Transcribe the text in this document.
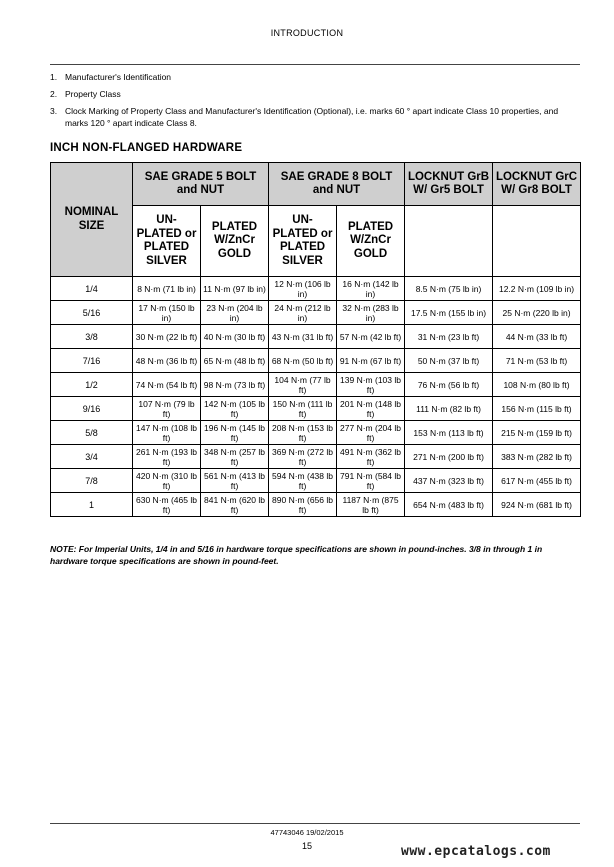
INTRODUCTION
1. Manufacturer's Identification
2. Property Class
3. Clock Marking of Property Class and Manufacturer's Identification (Optional), i.e. marks 60 ° apart indicate Class 10 properties, and marks 120 ° apart indicate Class 8.
INCH NON-FLANGED HARDWARE
NOMINAL SIZE	SAE GRADE 5 BOLT and NUT		SAE GRADE 8 BOLT and NUT		LOCKNUT GrB W/ Gr5 BOLT	LOCKNUT GrC W/ Gr8 BOLT
	UN-PLATED or PLATED SILVER	PLATED W/ZnCr GOLD	UN-PLATED or PLATED SILVER	PLATED W/ZnCr GOLD		
1/4	8 N·m (71 lb in)	11 N·m (97 lb in)	12 N·m (106 lb in)	16 N·m (142 lb in)	8.5 N·m (75 lb in)	12.2 N·m (109 lb in)
5/16	17 N·m (150 lb in)	23 N·m (204 lb in)	24 N·m (212 lb in)	32 N·m (283 lb in)	17.5 N·m (155 lb in)	25 N·m (220 lb in)
3/8	30 N·m (22 lb ft)	40 N·m (30 lb ft)	43 N·m (31 lb ft)	57 N·m (42 lb ft)	31 N·m (23 lb ft)	44 N·m (33 lb ft)
7/16	48 N·m (36 lb ft)	65 N·m (48 lb ft)	68 N·m (50 lb ft)	91 N·m (67 lb ft)	50 N·m (37 lb ft)	71 N·m (53 lb ft)
1/2	74 N·m (54 lb ft)	98 N·m (73 lb ft)	104 N·m (77 lb ft)	139 N·m (103 lb ft)	76 N·m (56 lb ft)	108 N·m (80 lb ft)
9/16	107 N·m (79 lb ft)	142 N·m (105 lb ft)	150 N·m (111 lb ft)	201 N·m (148 lb ft)	111 N·m (82 lb ft)	156 N·m (115 lb ft)
5/8	147 N·m (108 lb ft)	196 N·m (145 lb ft)	208 N·m (153 lb ft)	277 N·m (204 lb ft)	153 N·m (113 lb ft)	215 N·m (159 lb ft)
3/4	261 N·m (193 lb ft)	348 N·m (257 lb ft)	369 N·m (272 lb ft)	491 N·m (362 lb ft)	271 N·m (200 lb ft)	383 N·m (282 lb ft)
7/8	420 N·m (310 lb ft)	561 N·m (413 lb ft)	594 N·m (438 lb ft)	791 N·m (584 lb ft)	437 N·m (323 lb ft)	617 N·m (455 lb ft)
1	630 N·m (465 lb ft)	841 N·m (620 lb ft)	890 N·m (656 lb ft)	1187 N·m (875 lb ft)	654 N·m (483 lb ft)	924 N·m (681 lb ft)
NOTE: For Imperial Units, 1/4 in and 5/16 in hardware torque specifications are shown in pound-inches. 3/8 in through 1 in hardware torque specifications are shown in pound-feet.
47743046 19/02/2015
15	www.epcatalogs.com
